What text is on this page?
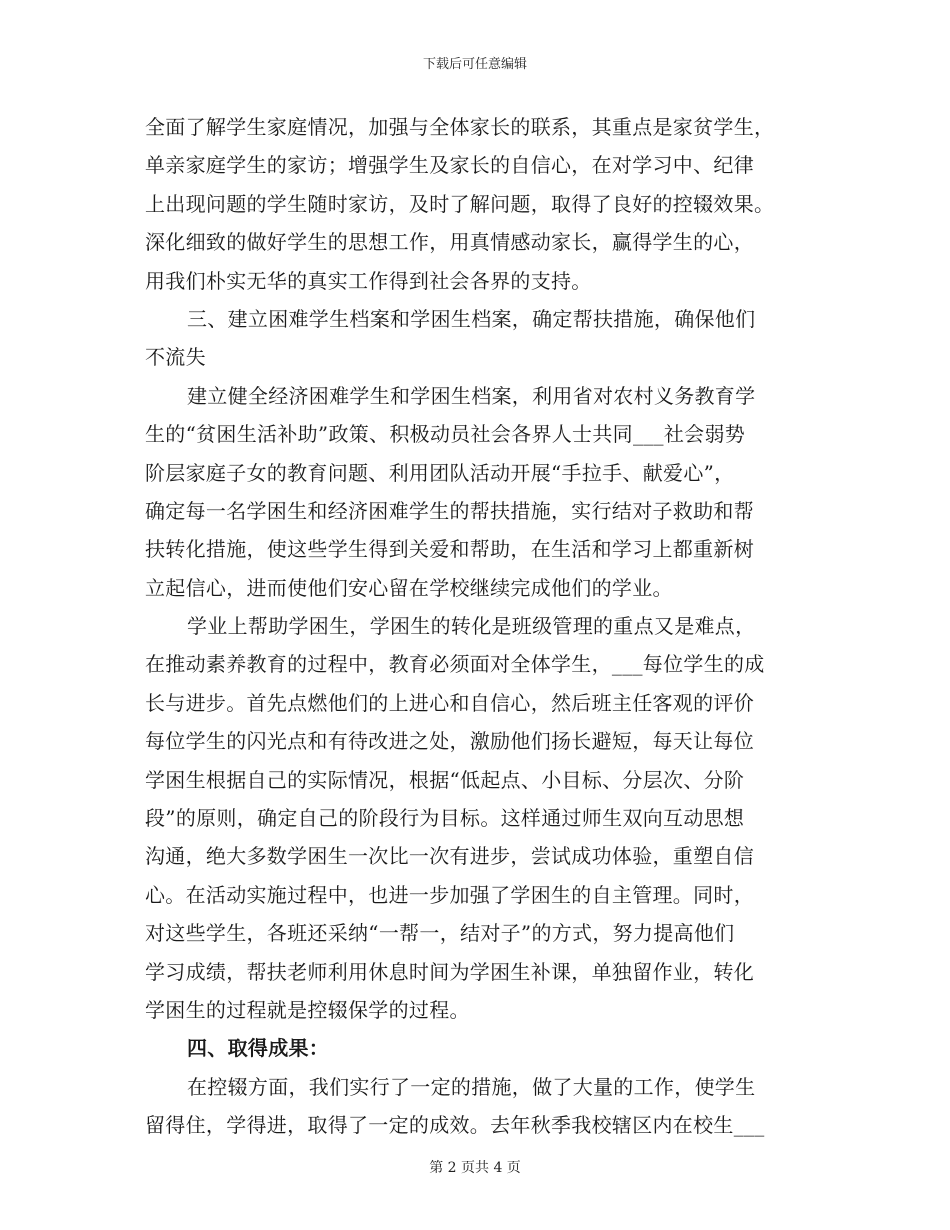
下载后可任意编辑
全面了解学生家庭情况，加强与全体家长的联系，其重点是家贫学生，
单亲家庭学生的家访；增强学生及家长的自信心，在对学习中、纪律
上出现问题的学生随时家访，及时了解问题，取得了良好的控辍效果。
深化细致的做好学生的思想工作，用真情感动家长，赢得学生的心，
用我们朴实无华的真实工作得到社会各界的支持。
三、建立困难学生档案和学困生档案，确定帮扶措施，确保他们
不流失
建立健全经济困难学生和学困生档案，利用省对农村义务教育学
生的“贫困生活补助”政策、积极动员社会各界人士共同___社会弱势
阶层家庭子女的教育问题、利用团队活动开展“手拉手、献爱心”，
确定每一名学困生和经济困难学生的帮扶措施，实行结对子救助和帮
扶转化措施，使这些学生得到关爱和帮助，在生活和学习上都重新树
立起信心，进而使他们安心留在学校继续完成他们的学业。
学业上帮助学困生，学困生的转化是班级管理的重点又是难点，
在推动素养教育的过程中，教育必须面对全体学生，___每位学生的成
长与进步。首先点燃他们的上进心和自信心，然后班主任客观的评价
每位学生的闪光点和有待改进之处，激励他们扬长避短，每天让每位
学困生根据自己的实际情况，根据“低起点、小目标、分层次、分阶
段”的原则，确定自己的阶段行为目标。这样通过师生双向互动思想
沟通，绝大多数学困生一次比一次有进步，尝试成功体验，重塑自信
心。在活动实施过程中，也进一步加强了学困生的自主管理。同时，
对这些学生，各班还采纳“一帮一，结对子”的方式，努力提高他们
学习成绩，帮扶老师利用休息时间为学困生补课，单独留作业，转化
学困生的过程就是控辍保学的过程。
四、取得成果：
在控辍方面，我们实行了一定的措施，做了大量的工作，使学生
留得住，学得进，取得了一定的成效。去年秋季我校辖区内在校生___
第 2 页共 4 页
